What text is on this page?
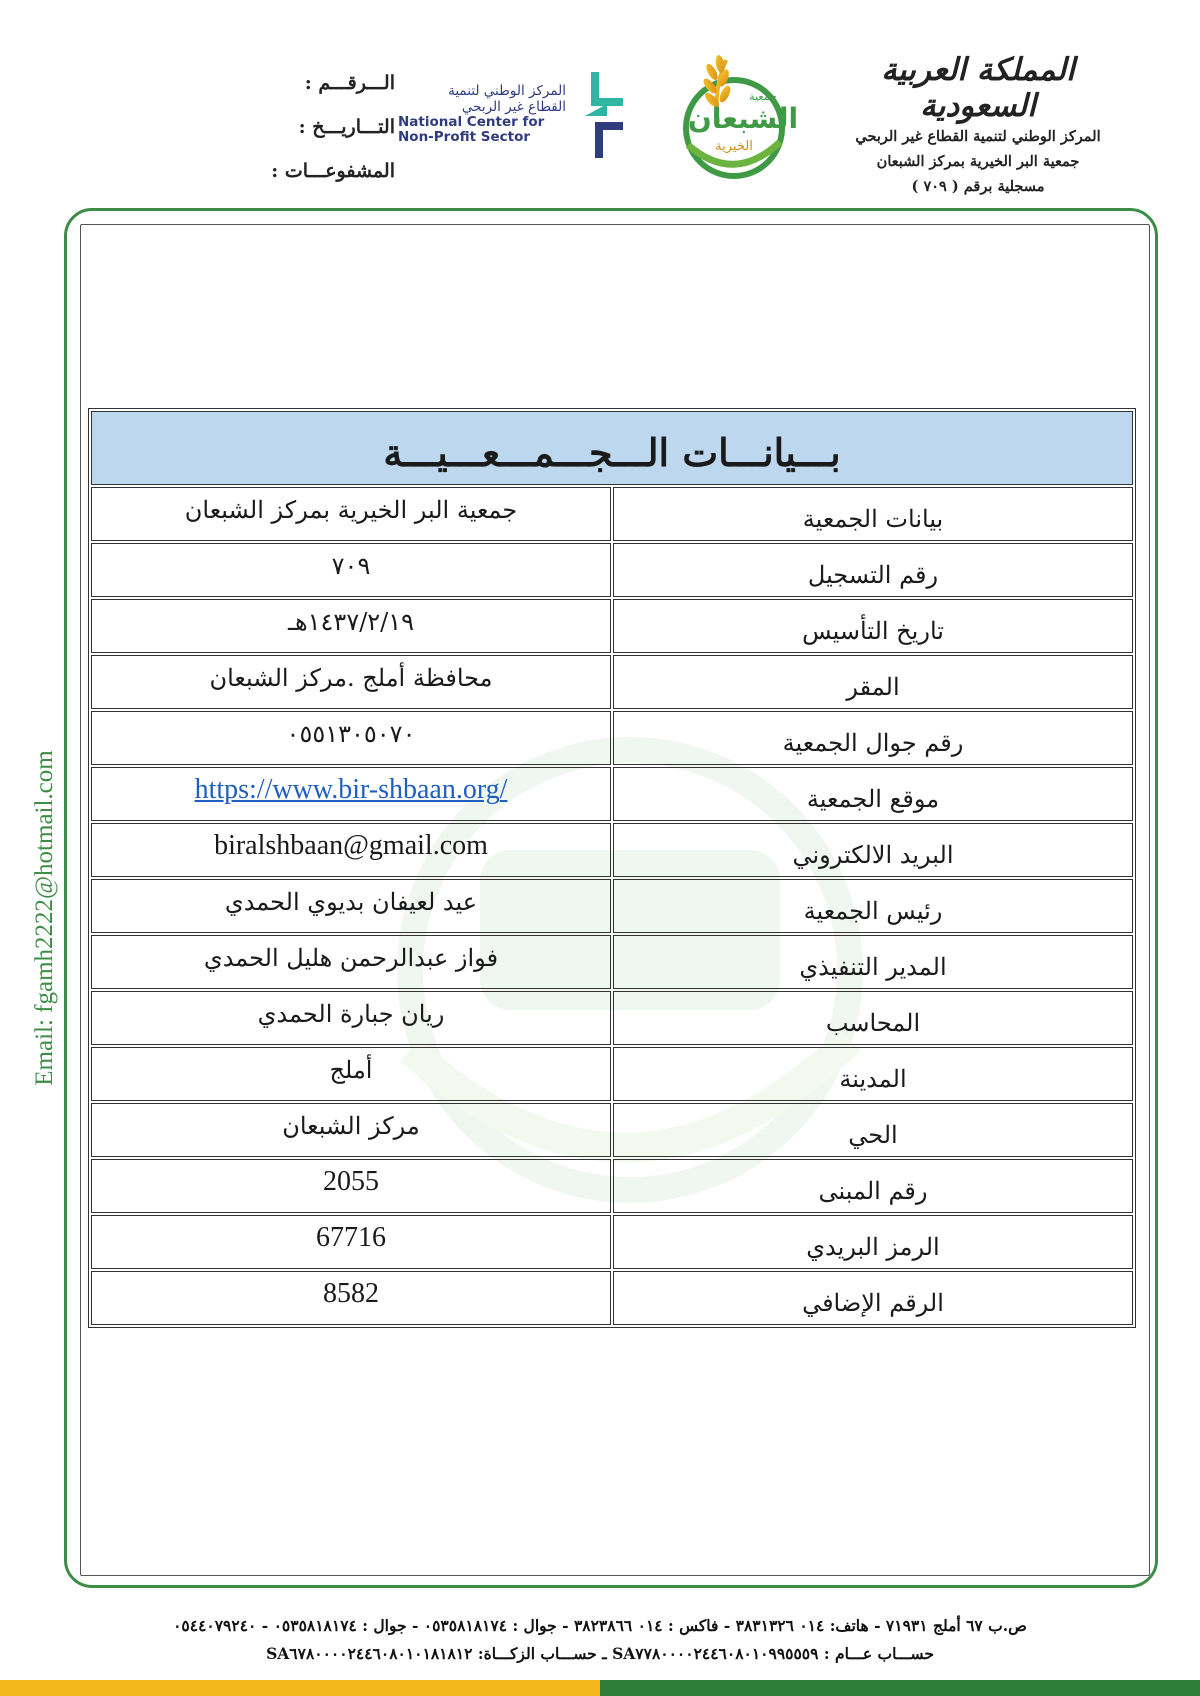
المملكة العربية السعودية
المركز الوطني لتنمية القطاع غير الربحي
جمعية البر الخيرية بمركز الشبعان
مسجلية برقم ( ٧٠٩ )
جمعية
الشبعان
الخيرية
المركز الوطني لتنمية
القطاع غير الربحي
National Center for
Non-Profit Sector
الـــرقـــم :
التـــاريـــخ :
المشفوعـــات :
Email: fgamh2222@hotmail.com
بـــيانـــات الـــجـــمـــعـــيـــة	
بيانات الجمعية	جمعية البر الخيرية بمركز الشبعان
رقم التسجيل	٧٠٩
تاريخ التأسيس	١٤٣٧/٢/١٩هـ
المقر	محافظة أملج .مركز الشبعان
رقم جوال الجمعية	٠٥٥١٣٠٥٠٧٠
موقع الجمعية	/https://www.bir-shbaan.org
البريد الالكتروني	biralshbaan@gmail.com
رئيس الجمعية	عيد لعيفان بديوي الحمدي
المدير التنفيذي	فواز عبدالرحمن هليل الحمدي
المحاسب	ريان جبارة الحمدي
المدينة	أملج
الحي	مركز الشبعان
رقم المبنى	2055
الرمز البريدي	67716
الرقم الإضافي	8582
ص.ب ٦٧ أملج ٧١٩٣١ - هاتف: ٠١٤ ٣٨٣١٣٢٦ - فاكس : ٠١٤ ٣٨٢٣٨٦٦ - جوال : ٠٥٣٥٨١٨١٧٤ - جوال : ٠٥٣٥٨١٨١٧٤ - ٠٥٤٤٠٧٩٢٤٠
حســـاب عـــام : SA٧٧٨٠٠٠٠٢٤٤٦٠٨٠١٠٩٩٥٥٥٩ ـ حســـاب الزكـــاة: SA٦٧٨٠٠٠٠٢٤٤٦٠٨٠١٠١٨١٨١٢
